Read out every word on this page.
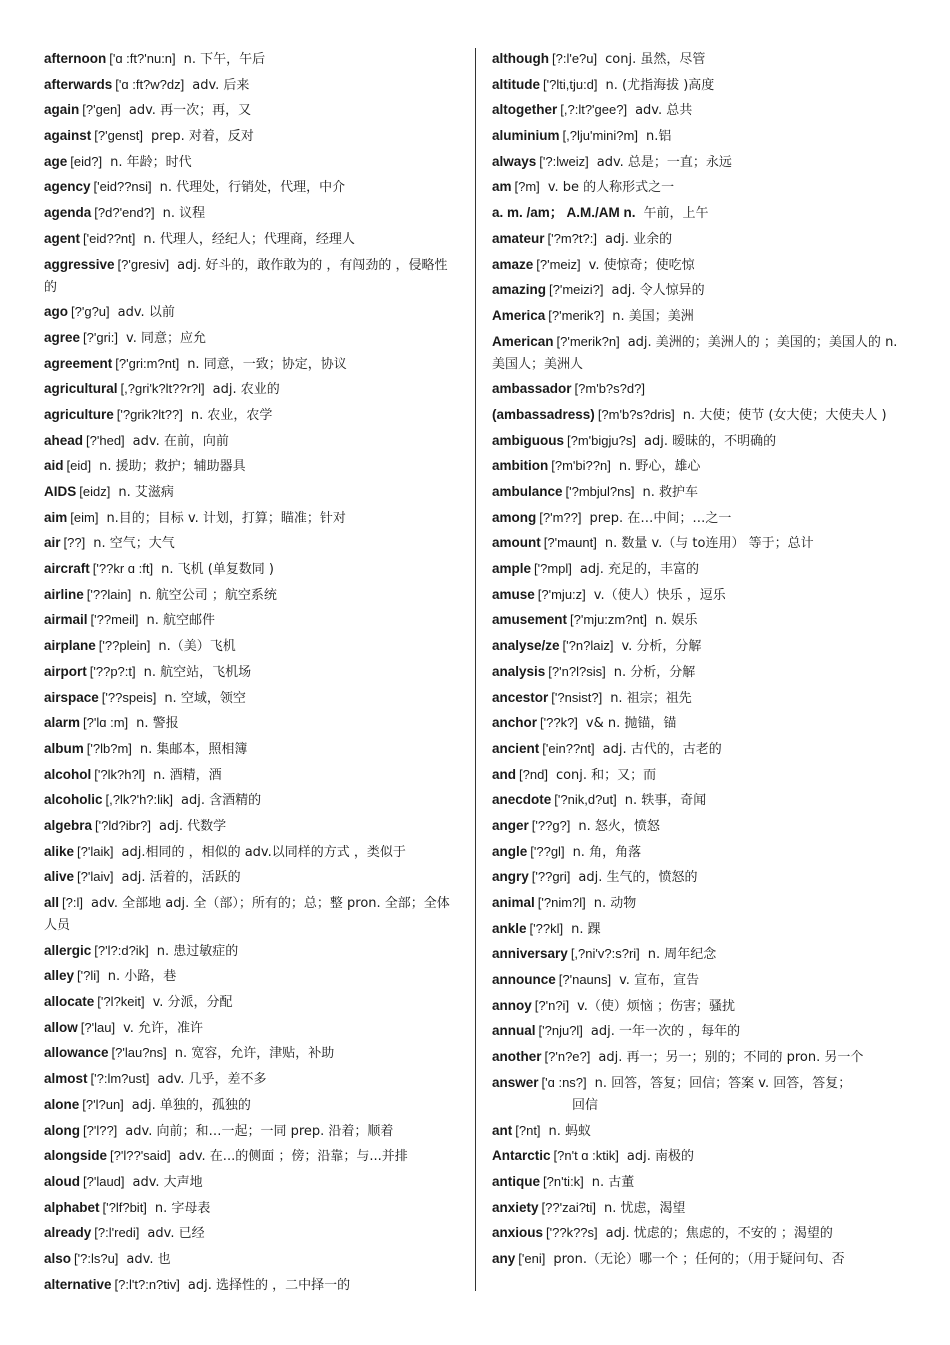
afternoon ['ɑ :ft?'nu:n] n. 下午，午后
afterwards ['ɑ :ft?w?dz] adv. 后来
again [?'gen] adv. 再一次；再，又
against [?'genst] prep. 对着，反对
age [eid?] n. 年龄；时代
agency ['eid??nsi] n. 代理处，行销处，代理，中介
agenda [?d?'end?] n. 议程
agent ['eid??nt] n. 代理人，经纪人；代理商，经理人
aggressive [?'gresiv] adj. 好斗的，敢作敢为的 ，有闯劲的 ，侵略性的
ago [?'g?u] adv. 以前
agree [?'gri:] v. 同意；应允
agreement [?'gri:m?nt] n. 同意，一致；协定，协议
agricultural [,?gri'k?lt??r?l] adj. 农业的
agriculture ['?grik?lt??] n. 农业，农学
ahead [?'hed] adv. 在前，向前
aid [eid] n. 援助；救护；辅助器具
AIDS [eidz] n. 艾滋病
aim [eim] n.目的；目标 v. 计划，打算；瞄准；针对
air [??] n. 空气；大气
aircraft ['??kr ɑ :ft] n. 飞机 (单复数同 )
airline ['??lain] n. 航空公司 ；航空系统
airmail ['??meil] n. 航空邮件
airplane ['??plein] n.（美）飞机
airport ['??p?:t] n. 航空站，飞机场
airspace ['??speis] n. 空域，领空
alarm [?'lɑ :m] n. 警报
album ['?lb?m] n. 集邮本，照相簿
alcohol ['?lk?h?l] n. 酒精，酒
alcoholic [,?lk?'h?:lik] adj. 含酒精的
algebra ['?ld?ibr?] adj. 代数学
alike [?'laik] adj.相同的 ，相似的 adv.以同样的方式 ，类似于
alive [?'laiv] adj. 活着的，活跃的
all [?:l] adv. 全部地 adj. 全（部）；所有的；总；整 pron. 全部；全体人员
allergic [?'l?:d?ik] n. 患过敏症的
alley ['?li] n. 小路，巷
allocate ['?l?keit] v. 分派，分配
allow [?'lau] v. 允许，准许
allowance [?'lau?ns] n. 宽容，允许，津贴，补助
almost ['?:lm?ust] adv. 几乎，差不多
alone [?'l?un] adj. 单独的，孤独的
along [?'l??] adv. 向前；和…一起；一同 prep. 沿着；顺着
alongside [?'l??'said] adv. 在...的侧面 ；傍；沿靠；与...并排
aloud [?'laud] adv. 大声地
alphabet ['?lf?bit] n. 字母表
already [?:l'redi] adv. 已经
also ['?:ls?u] adv. 也
alternative [?:l't?:n?tiv] adj. 选择性的 ，二中择一的
although [?:l'e?u] conj. 虽然，尽管
altitude ['?lti,tju:d] n. (尤指海拔 )高度
altogether [,?:lt?'gee?] adv. 总共
aluminium [,?lju'mini?m] n.铝
always ['?:lweiz] adv. 总是；一直；永远
am [?m] v. be 的人称形式之一
a. m. /am； A.M./AM n. 午前，上午
amateur ['?m?t?:] adj. 业余的
amaze [?'meiz] v. 使惊奇；使吃惊
amazing [?'meizi?] adj. 令人惊异的
America [?'merik?] n. 美国；美洲
American [?'merik?n] adj. 美洲的；美洲人的 ；美国的；美国人的 n. 美国人；美洲人
ambassador [?m'b?s?d?]
(ambassadress) [?m'b?s?dris] n. 大使；使节 (女大使；大使夫人 )
ambiguous [?m'bigju?s] adj. 暧昧的，不明确的
ambition [?m'bi??n] n. 野心，雄心
ambulance ['?mbjul?ns] n. 救护车
among [?'m??] prep. 在…中间；…之一
amount [?'maunt] n. 数量 v.（与 to连用） 等于；总计
ample ['?mpl] adj. 充足的，丰富的
amuse [?'mju:z] v.（使人）快乐 ，逗乐
amusement [?'mju:zm?nt] n. 娱乐
analyse/ze ['?n?laiz] v. 分析，分解
analysis [?'n?l?sis] n. 分析，分解
ancestor ['?nsist?] n. 祖宗；祖先
anchor ['??k?] v& n. 抛锚，锚
ancient ['ein??nt] adj. 古代的，古老的
and [?nd] conj. 和；又；而
anecdote ['?nik,d?ut] n. 轶事，奇闻
anger ['??g?] n. 怒火，愤怒
angle ['??gl] n. 角，角落
angry ['??gri] adj. 生气的，愤怒的
animal ['?nim?l] n. 动物
ankle ['??kl] n. 踝
anniversary [,?ni'v?:s?ri] n. 周年纪念
announce [?'nauns] v. 宣布，宣告
annoy [?'n?i] v.（使）烦恼 ；伤害；骚扰
annual ['?nju?l] adj. 一年一次的 ，每年的
another [?'n?e?] adj. 再一；另一；别的；不同的 pron. 另一个
answer ['ɑ :ns?] n. 回答，答复；回信；答案 v. 回答，答复；
回信
ant [?nt] n. 蚂蚁
Antarctic [?n't ɑ :ktik] adj. 南极的
antique [?n'ti:k] n. 古董
anxiety [??'zai?ti] n. 忧虑，渴望
anxious ['??k??s] adj. 忧虑的；焦虑的，不安的 ；渴望的
any ['eni] pron.（无论）哪一个 ；任何的；（用于疑问句、否
